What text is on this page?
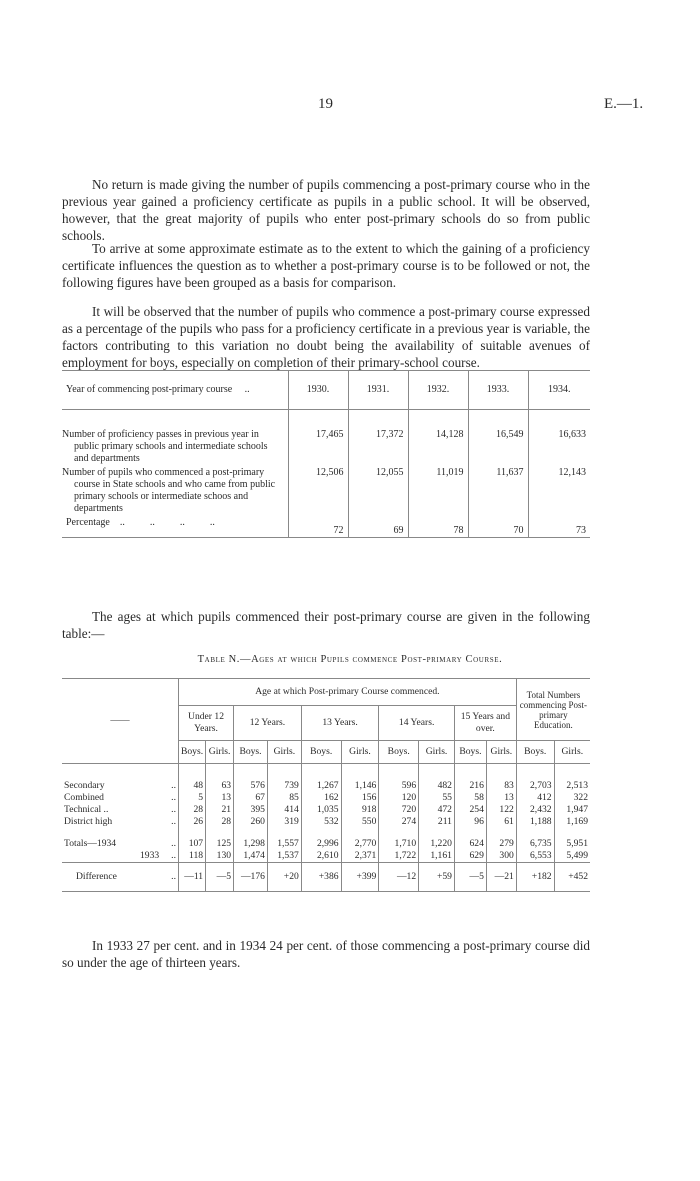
19	E.—1.

No return is made giving the number of pupils commencing a post-primary course who in the previous year gained a proficiency certificate as pupils in a public school. It will be observed, however, that the great majority of pupils who enter post-primary schools do so from public schools.

To arrive at some approximate estimate as to the extent to which the gaining of a proficiency certificate influences the question as to whether a post-primary course is to be followed or not, the following figures have been grouped as a basis for comparison.

It will be observed that the number of pupils who commence a post-primary course expressed as a percentage of the pupils who pass for a proficiency certificate in a previous year is variable, the factors contributing to this variation no doubt being the availability of suitable avenues of employment for boys, especially on completion of their primary-school course.

Year of commencing post-primary course ..	1930.	1931.	1932.	1933.	1934.

Number of proficiency passes in previous year in public primary schools and intermediate schools and departments	17,465	17,372	14,128	16,549	16,633
Number of pupils who commenced a post-primary course in State schools and who came from public primary schools or intermediate schoos and departments	12,506	12,055	11,019	11,637	12,143
Percentage ..          ..          ..          ..	72	69	78	70	73

The ages at which pupils commenced their post-primary course are given in the following table:—

Table N.—Ages at which Pupils commence Post-primary Course.
——		Age at which Post-primary Course commenced.										Total Numbers commencing Post-primary Education.	
		Under 12 Years.		12 Years.		13 Years.		14 Years.		15 Years and over.			
		Boys.	Girls.	Boys.	Girls.	Boys.	Girls.	Boys.	Girls.	Boys.	Girls.	Boys.	Girls.

Secondary	..	48	63	576	739	1,267	1,146	596	482	216	83	2,703	2,513
Combined	..	5	13	67	85	162	156	120	55	58	13	412	322
Technical ..	..	28	21	395	414	1,035	918	720	472	254	122	2,432	1,947
District high	..	26	28	260	319	532	550	274	211	96	61	1,188	1,169

Totals—1934	..	107	125	1,298	1,557	2,996	2,770	1,710	1,220	624	279	6,735	5,951
1933	..	118	130	1,474	1,537	2,610	2,371	1,722	1,161	629	300	6,553	5,499
Difference	..	—11	—5	—176	+20	+386	+399	—12	+59	—5	—21	+182	+452

In 1933 27 per cent. and in 1934 24 per cent. of those commencing a post-primary course did so under the age of thirteen years.
